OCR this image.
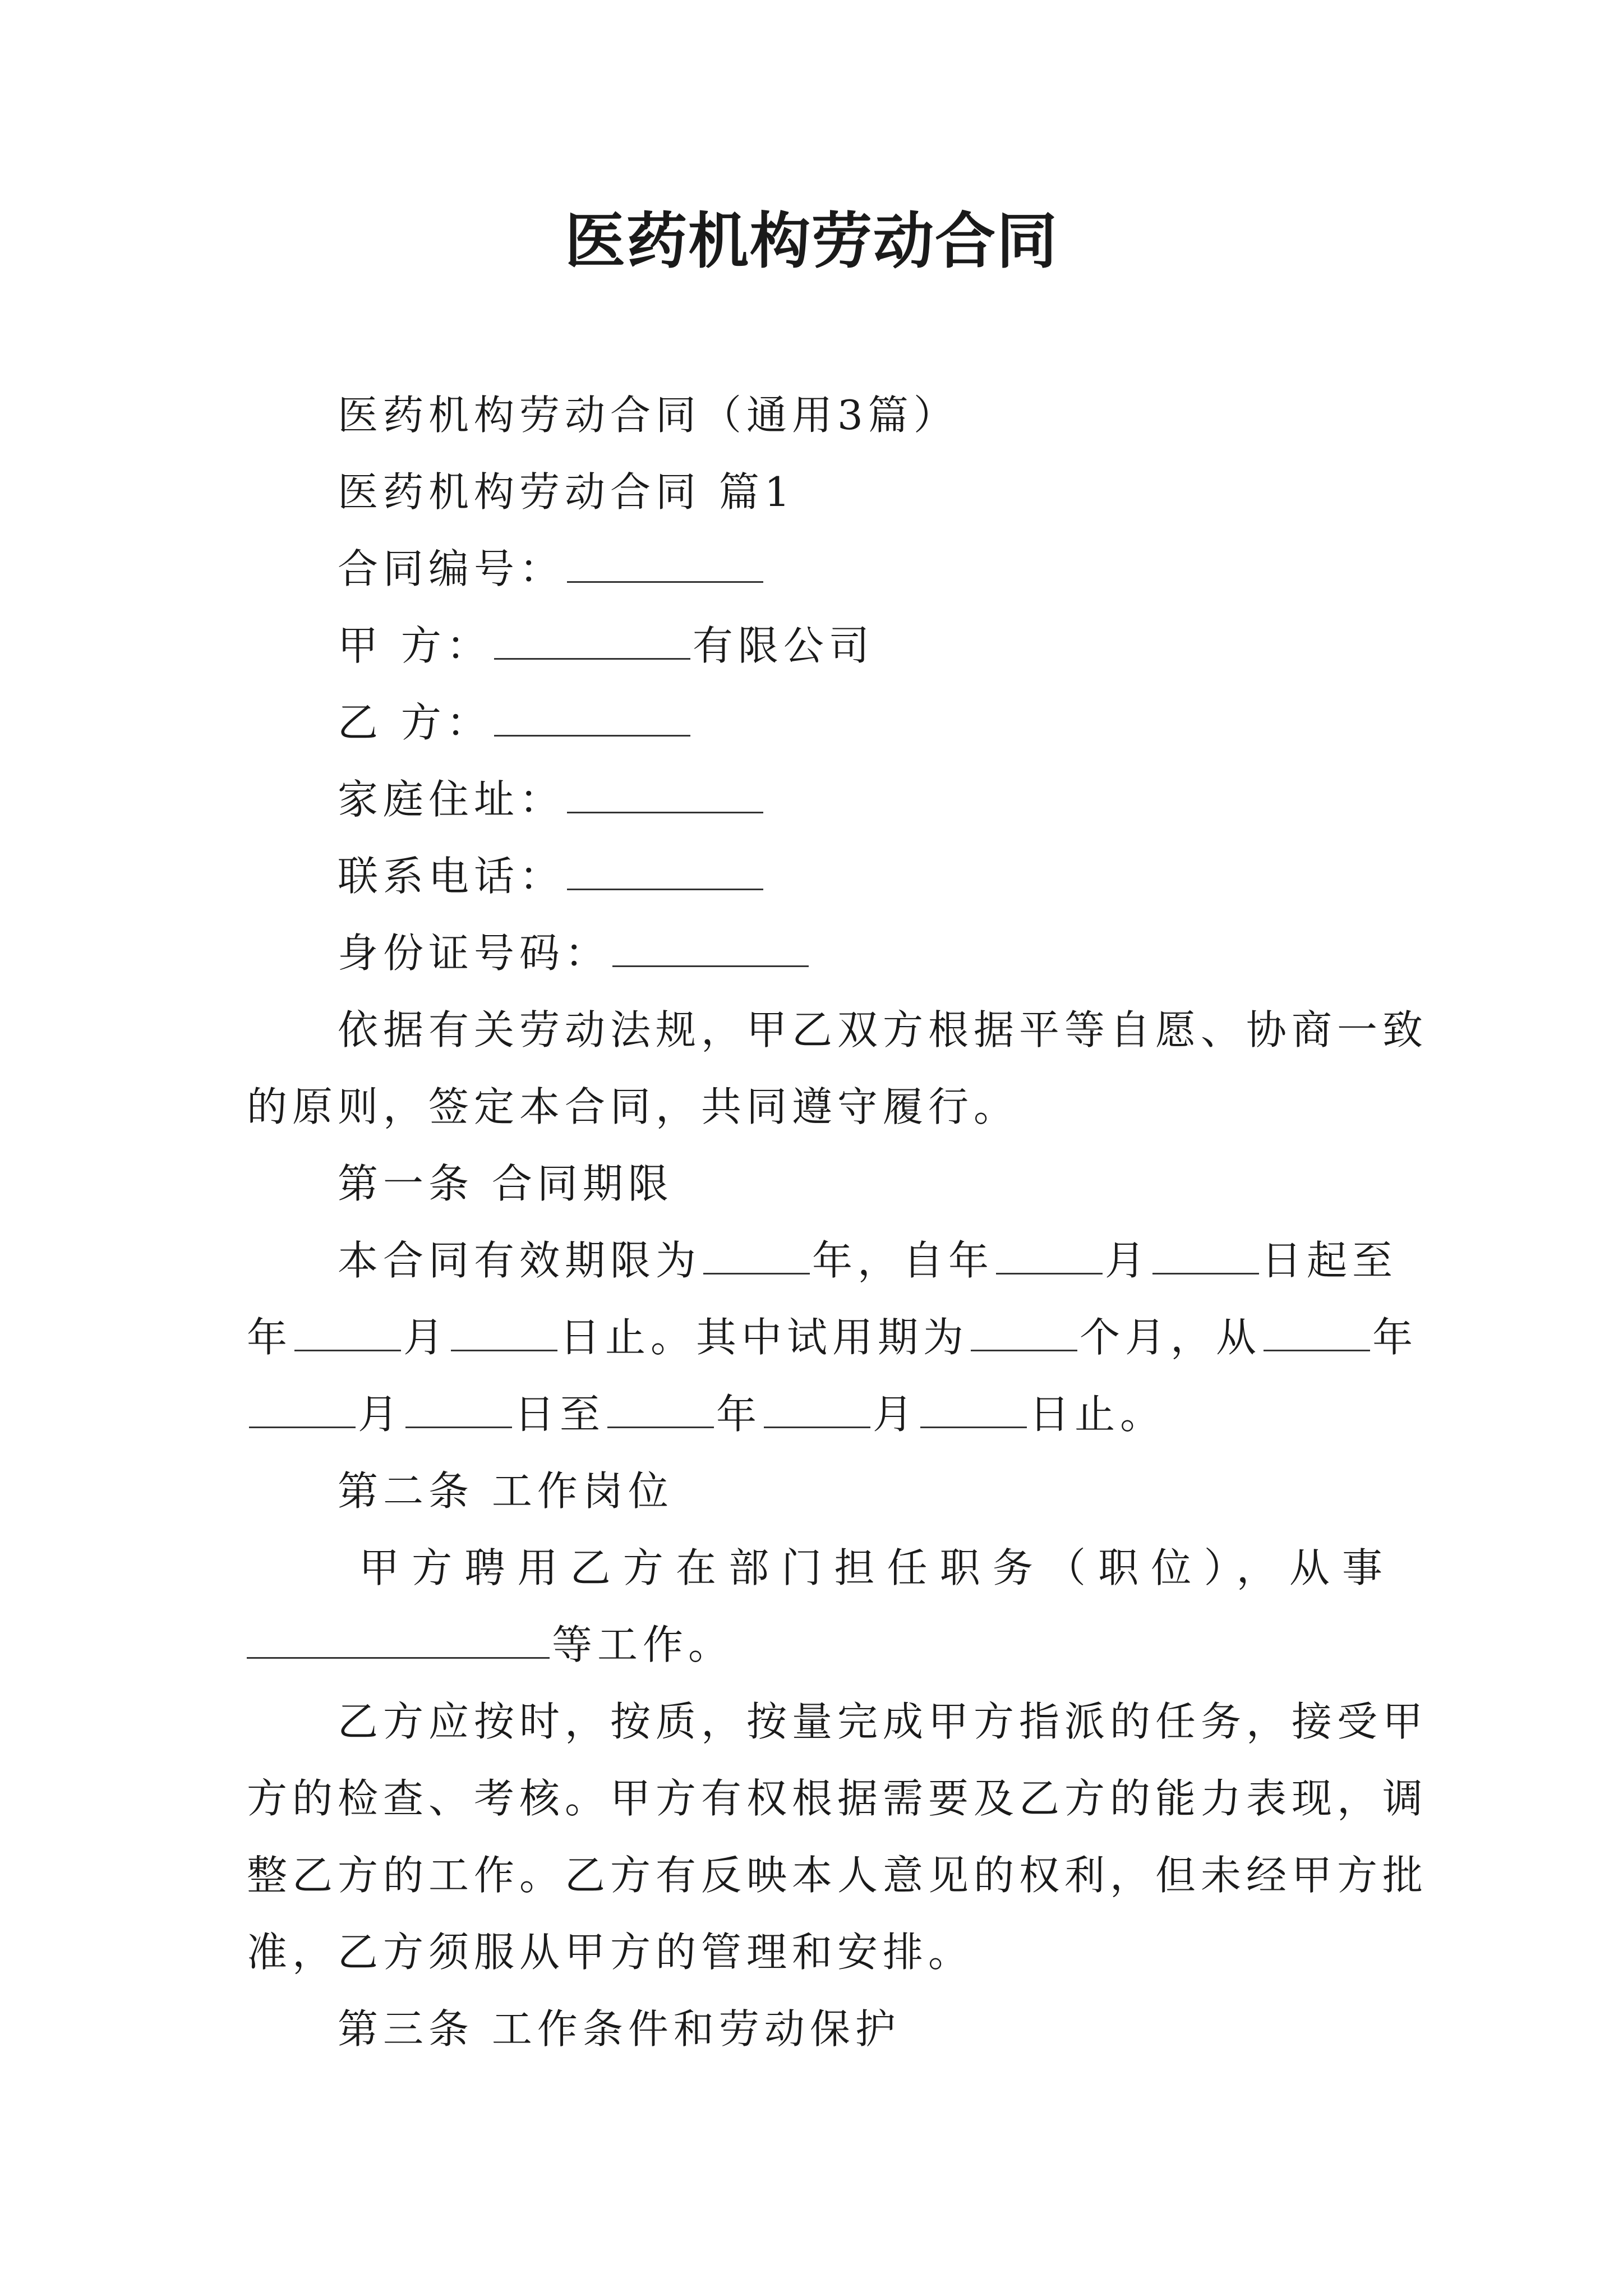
医药机构劳动合同
医药机构劳动合同（通用3篇）
医药机构劳动合同 篇1
合同编号：
甲 方：	有限公司
乙 方：
家庭住址：
联系电话：
身份证号码：
依据有关劳动法规，甲乙双方根据平等自愿、协商一致
的原则，签定本合同，共同遵守履行。
第一条 合同期限
本合同有效期限为	年，自年	月	日起至
年	月	日止。其中试用期为	个月，从	年
月	日至	年	月	日止。
第二条 工作岗位
甲方聘用乙方在部门担任职务（职位），从事
等工作。
乙方应按时，按质，按量完成甲方指派的任务，接受甲
方的检查、考核。甲方有权根据需要及乙方的能力表现，调
整乙方的工作。乙方有反映本人意见的权利，但未经甲方批
准，乙方须服从甲方的管理和安排。
第三条 工作条件和劳动保护
